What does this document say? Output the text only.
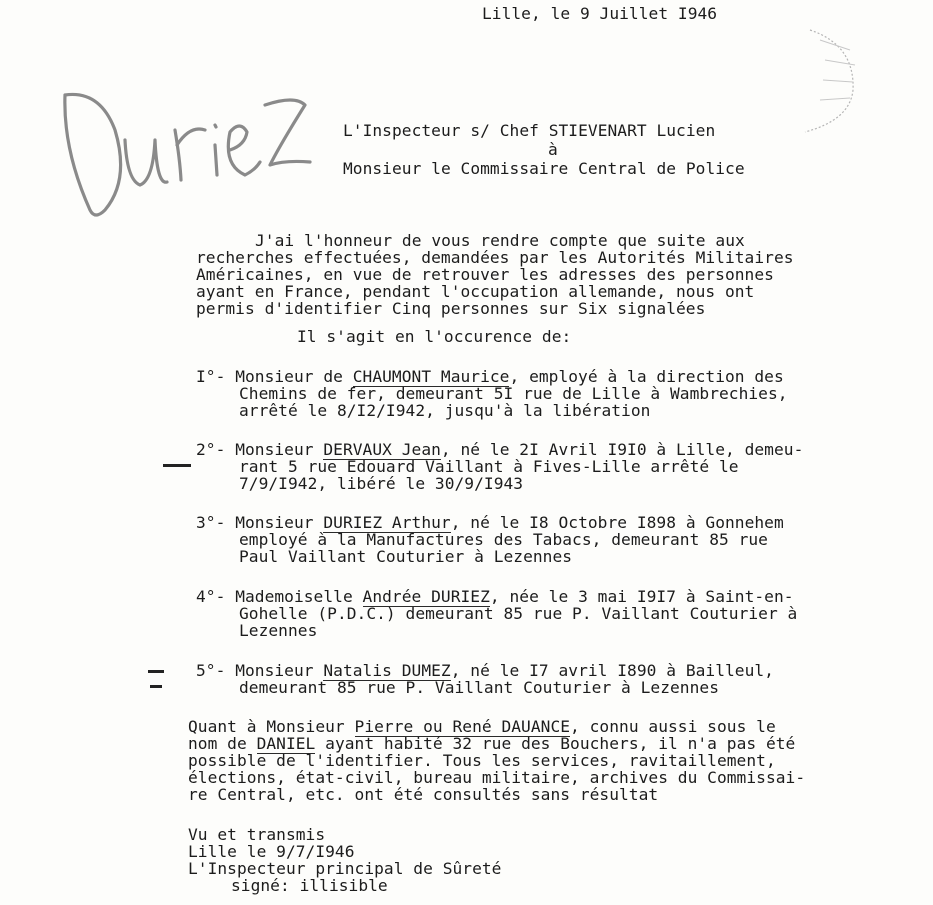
Lille, le 9 Juillet I946
L'Inspecteur s/ Chef STIEVENART Lucien
à
Monsieur le Commissaire Central de Police
J'ai l'honneur de vous rendre compte que suite aux
recherches effectuées, demandées par les Autorités Militaires
Américaines, en vue de retrouver les adresses des personnes
ayant en France, pendant l'occupation allemande, nous ont
permis d'identifier Cinq personnes sur Six signalées
Il s'agit en l'occurence de:
I°- Monsieur de CHAUMONT Maurice, employé à la direction des
Chemins de fer, demeurant 5I rue de Lille à Wambrechies,
arrêté le 8/I2/I942, jusqu'à la libération
2°- Monsieur DERVAUX Jean, né le 2I Avril I9I0 à Lille, demeu-
rant 5 rue Edouard Vaillant à Fives-Lille arrêté le
7/9/I942, libéré le 30/9/I943
3°- Monsieur DURIEZ Arthur, né le I8 Octobre I898 à Gonnehem
employé à la Manufactures des Tabacs, demeurant 85 rue
Paul Vaillant Couturier à Lezennes
4°- Mademoiselle Andrée DURIEZ, née le 3 mai I9I7 à Saint-en-
Gohelle (P.D.C.) demeurant 85 rue P. Vaillant Couturier à
Lezennes
5°- Monsieur Natalis DUMEZ, né le I7 avril I890 à Bailleul,
demeurant 85 rue P. Vaillant Couturier à Lezennes
Quant à Monsieur Pierre ou René DAUANCE, connu aussi sous le
nom de DANIEL ayant habité 32 rue des Bouchers, il n'a pas été
possible de l'identifier. Tous les services, ravitaillement,
élections, état-civil, bureau militaire, archives du Commissai-
re Central, etc. ont été consultés sans résultat
Vu et transmis
Lille le 9/7/I946
L'Inspecteur principal de Sûreté
signé: illisible
